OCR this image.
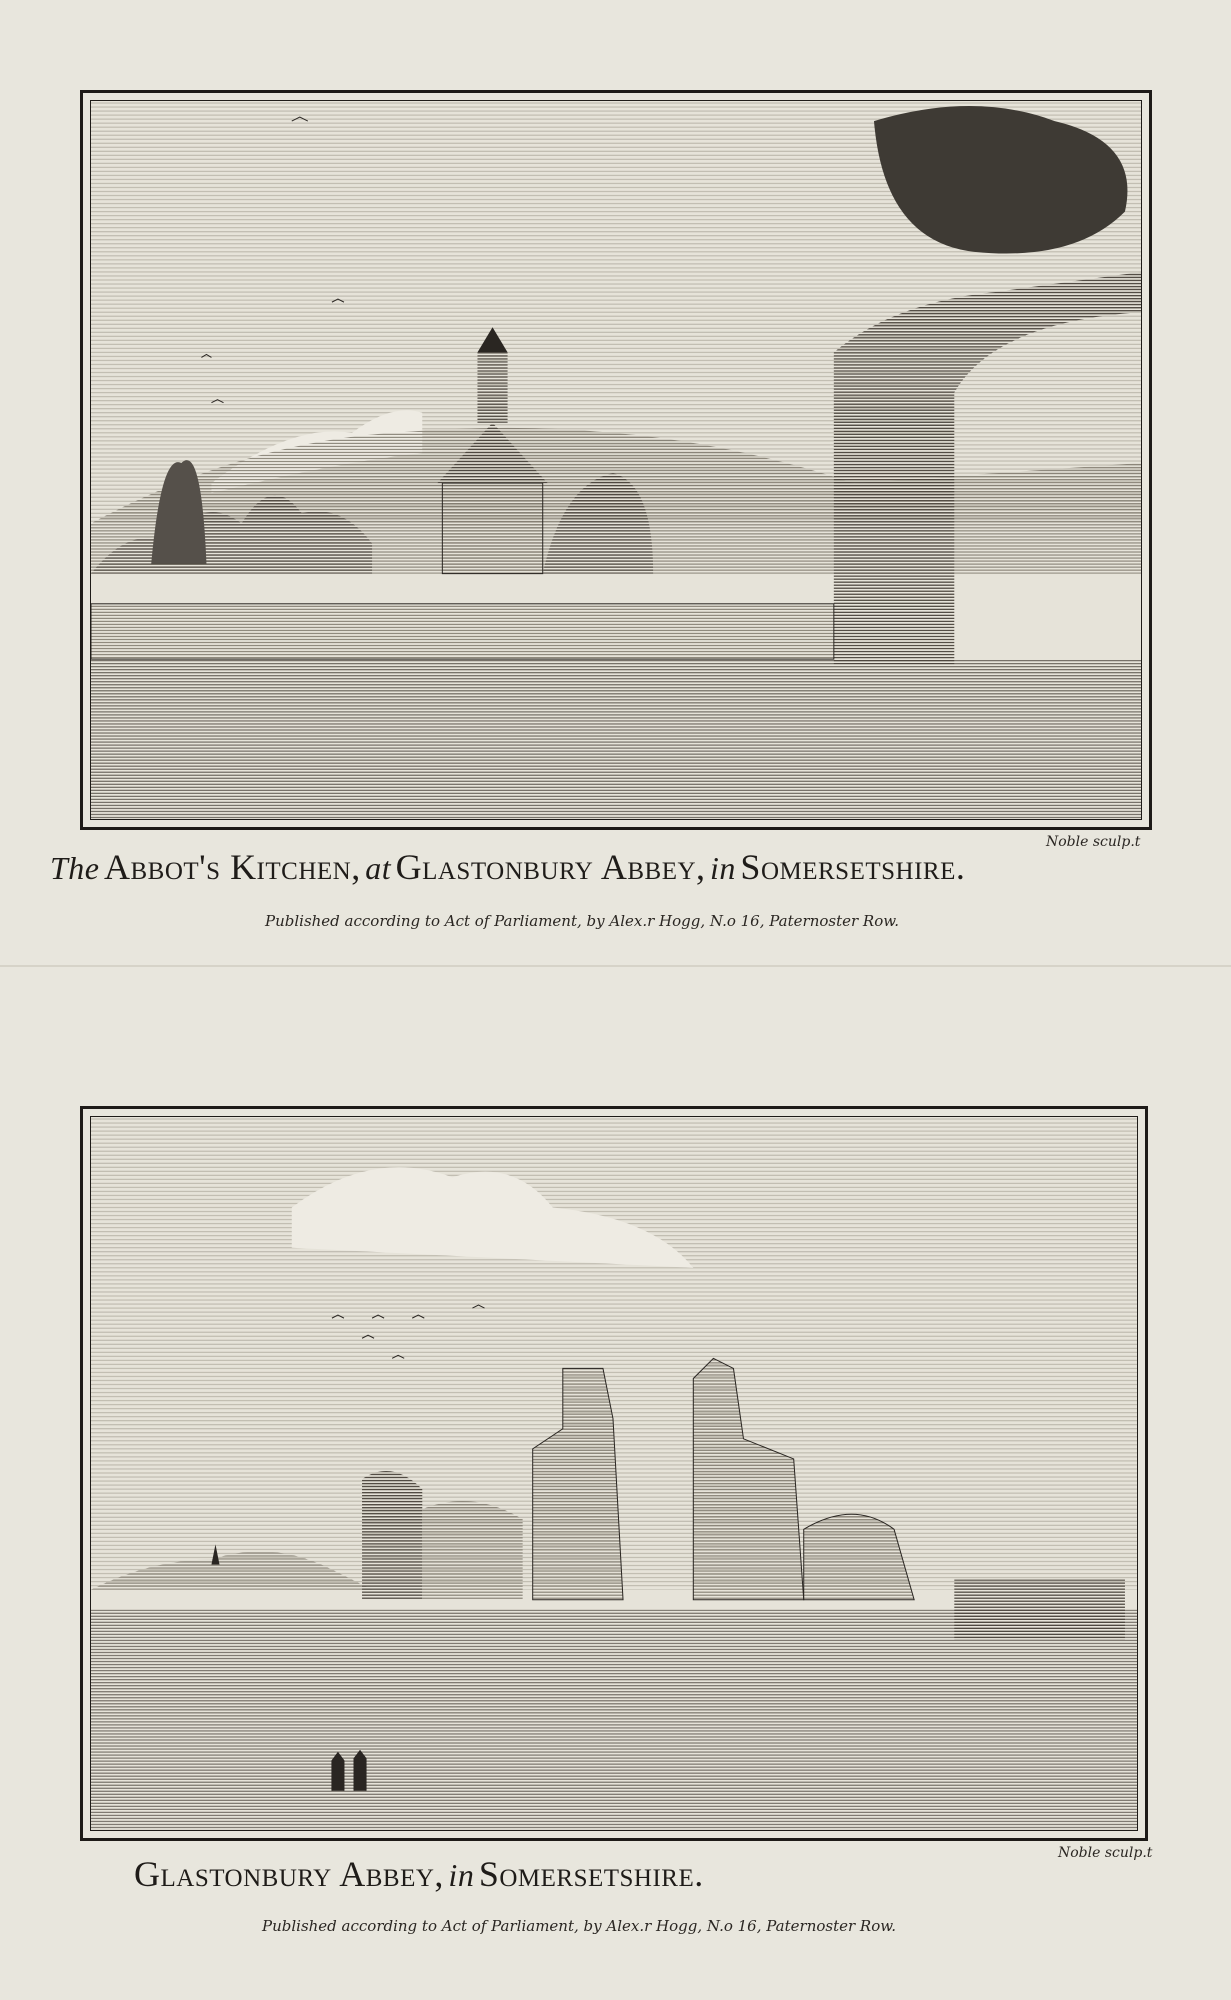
Noble sculp.t
The Abbot's Kitchen, at Glastonbury Abbey, in Somersetshire.
Published according to Act of Parliament, by Alex.r Hogg, N.o 16, Paternoster Row.
Noble sculp.t
Glastonbury Abbey, in Somersetshire.
Published according to Act of Parliament, by Alex.r Hogg, N.o 16, Paternoster Row.
